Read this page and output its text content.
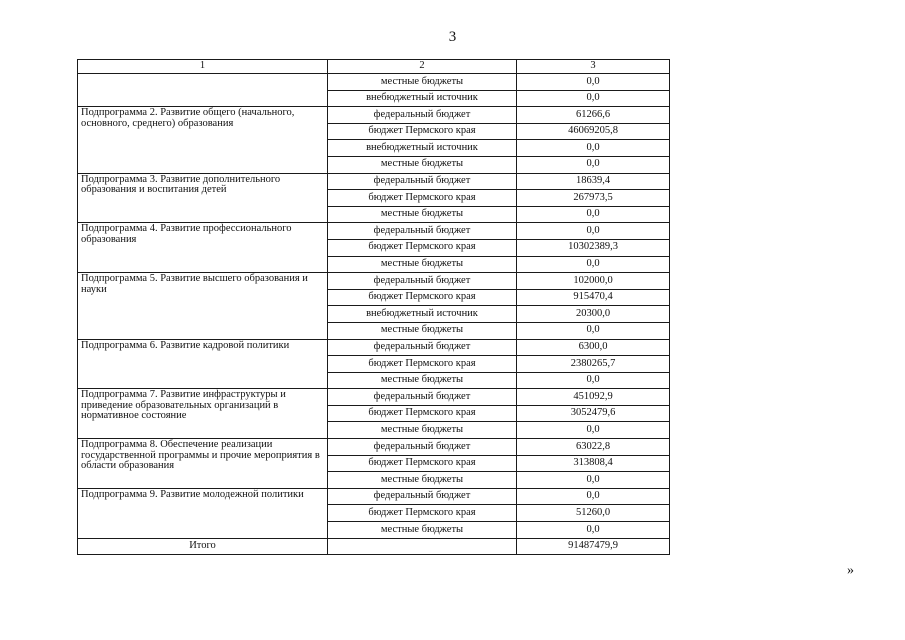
3
1	2	3
	местные бюджеты	0,0
	внебюджетный источник	0,0
Подпрограмма 2. Развитие общего (начального, основного, среднего) образования	федеральный бюджет	61266,6
	бюджет Пермского края	46069205,8
	внебюджетный источник	0,0
	местные бюджеты	0,0
Подпрограмма 3. Развитие дополнительного образования и воспитания детей	федеральный бюджет	18639,4
	бюджет Пермского края	267973,5
	местные бюджеты	0,0
Подпрограмма 4. Развитие профессионального образования	федеральный бюджет	0,0
	бюджет Пермского края	10302389,3
	местные бюджеты	0,0
Подпрограмма 5. Развитие высшего образования и науки	федеральный бюджет	102000,0
	бюджет Пермского края	915470,4
	внебюджетный источник	20300,0
	местные бюджеты	0,0
Подпрограмма 6. Развитие кадровой политики	федеральный бюджет	6300,0
	бюджет Пермского края	2380265,7
	местные бюджеты	0,0
Подпрограмма 7. Развитие инфраструктуры и приведение образовательных организаций в нормативное состояние	федеральный бюджет	451092,9
	бюджет Пермского края	3052479,6
	местные бюджеты	0,0
Подпрограмма 8. Обеспечение реализации государственной программы и прочие мероприятия в области образования	федеральный бюджет	63022,8
	бюджет Пермского края	313808,4
	местные бюджеты	0,0
Подпрограмма 9. Развитие молодежной политики	федеральный бюджет	0,0
	бюджет Пермского края	51260,0
	местные бюджеты	0,0
Итого		91487479,9
»
